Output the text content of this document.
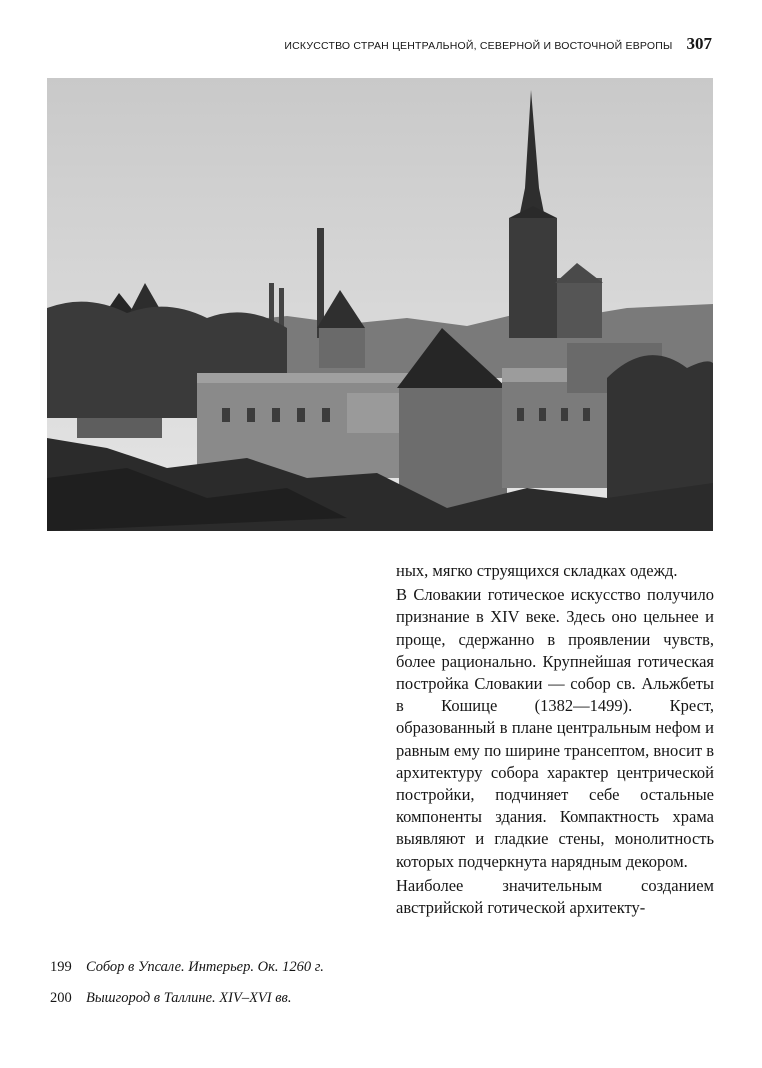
ИСКУССТВО СТРАН ЦЕНТРАЛЬНОЙ, СЕВЕРНОЙ И ВОСТОЧНОЙ ЕВРОПЫ 307

ных, мягко струящихся складках одежд.

В Словакии готическое искусство получило признание в XIV веке. Здесь оно цельнее и проще, сдержанно в проявлении чувств, более рационально. Крупнейшая готическая постройка Словакии — собор св. Альжбеты в Кошице (1382—1499). Крест, образованный в плане центральным нефом и равным ему по ширине трансептом, вносит в архитектуру собора характер центрической постройки, подчиняет себе остальные компоненты здания. Компактность храма выявляют и гладкие стены, монолитность которых подчеркнута нарядным декором.

Наиболее значительным созданием австрийской готической архитекту-

199 Собор в Упсале. Интерьер. Ок. 1260 г.
200 Вышгород в Таллине. XIV–XVI вв.
